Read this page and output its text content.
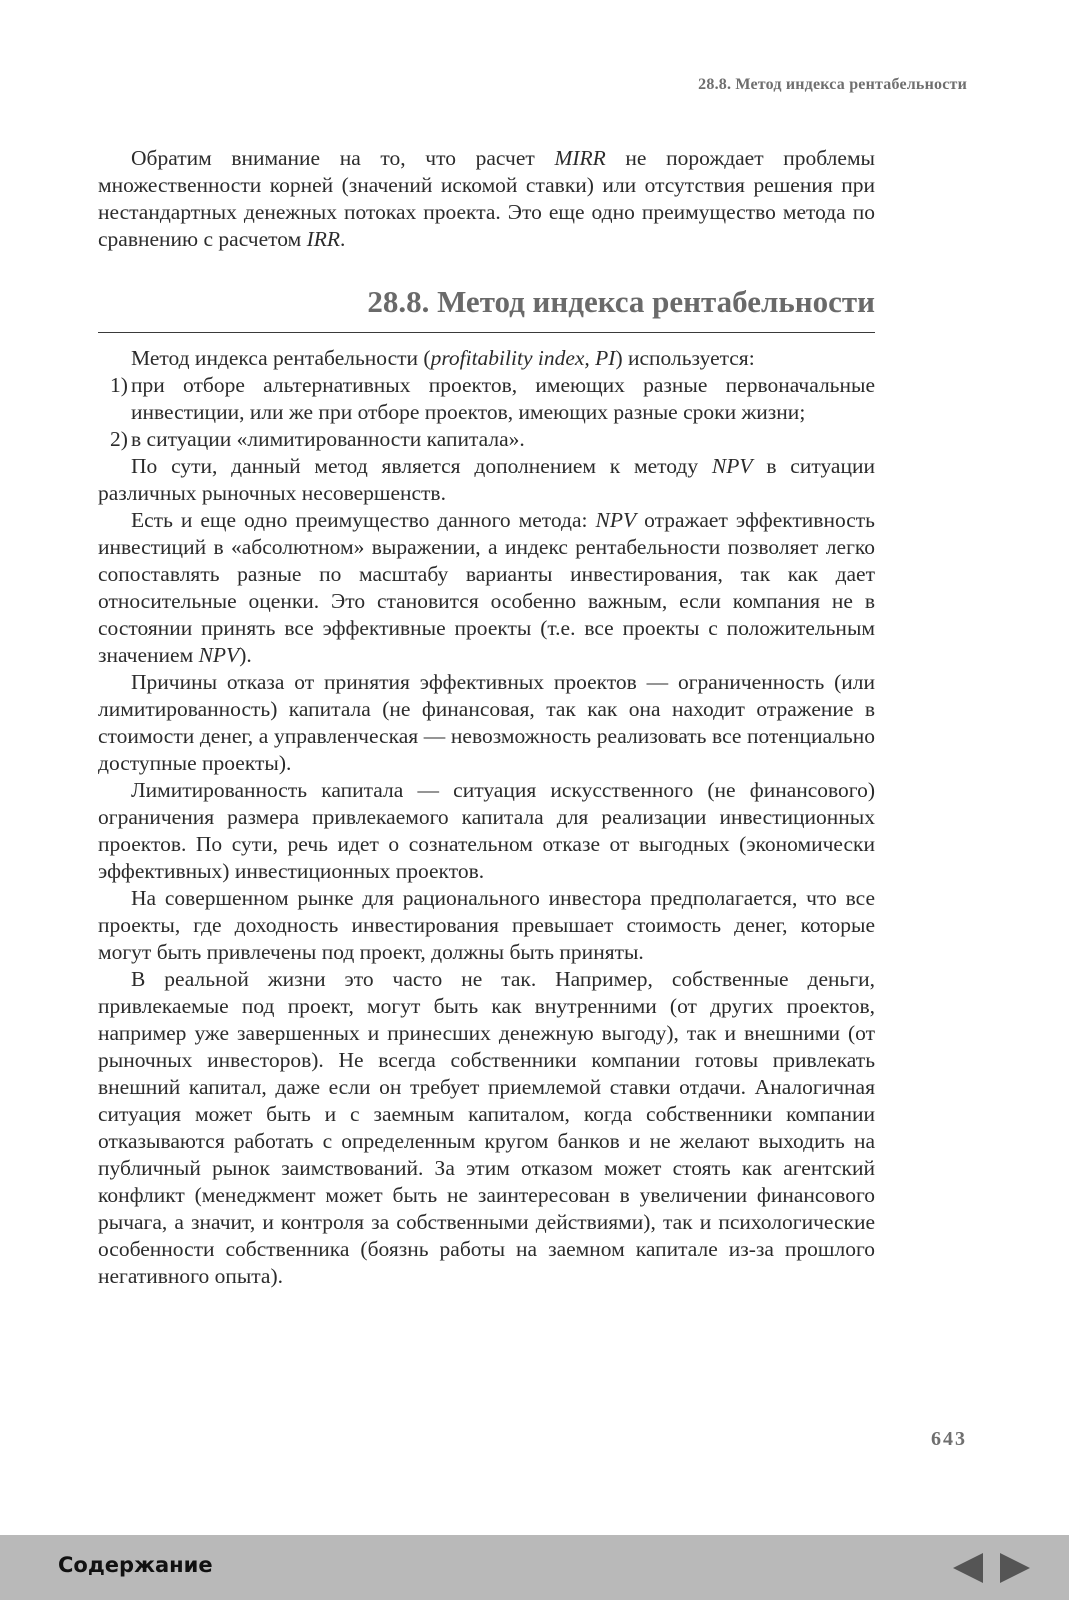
28.8. Метод индекса рентабельности

Обратим внимание на то, что расчет MIRR не порождает проблемы множественности корней (значений искомой ставки) или отсутствия решения при нестандартных денежных потоках проекта. Это еще одно преимущество метода по сравнению с расчетом IRR.

28.8. Метод индекса рентабельности

Метод индекса рентабельности (profitability index, PI) используется:

1) при отборе альтернативных проектов, имеющих разные первоначальные инвестиции, или же при отборе проектов, имеющих разные сроки жизни;
2) в ситуации «лимитированности капитала».

По сути, данный метод является дополнением к методу NPV в ситуации различных рыночных несовершенств.

Есть и еще одно преимущество данного метода: NPV отражает эффективность инвестиций в «абсолютном» выражении, а индекс рентабельности позволяет легко сопоставлять разные по масштабу варианты инвестирования, так как дает относительные оценки. Это становится особенно важным, если компания не в состоянии принять все эффективные проекты (т.е. все проекты с положительным значением NPV).

Причины отказа от принятия эффективных проектов — ограниченность (или лимитированность) капитала (не финансовая, так как она находит отражение в стоимости денег, а управленческая — невозможность реализовать все потенциально доступные проекты).

Лимитированность капитала — ситуация искусственного (не финансового) ограничения размера привлекаемого капитала для реализации инвестиционных проектов. По сути, речь идет о сознательном отказе от выгодных (экономически эффективных) инвестиционных проектов.

На совершенном рынке для рационального инвестора предполагается, что все проекты, где доходность инвестирования превышает стоимость денег, которые могут быть привлечены под проект, должны быть приняты.

В реальной жизни это часто не так. Например, собственные деньги, привлекаемые под проект, могут быть как внутренними (от других проектов, например уже завершенных и принесших денежную выгоду), так и внешними (от рыночных инвесторов). Не всегда собственники компании готовы привлекать внешний капитал, даже если он требует приемлемой ставки отдачи. Аналогичная ситуация может быть и с заемным капиталом, когда собственники компании отказываются работать с определенным кругом банков и не желают выходить на публичный рынок заимствований. За этим отказом может стоять как агентский конфликт (менеджмент может быть не заинтересован в увеличении финансового рычага, а значит, и контроля за собственными действиями), так и психологические особенности собственника (боязнь работы на заемном капитале из-за прошлого негативного опыта).

643
Содержание
